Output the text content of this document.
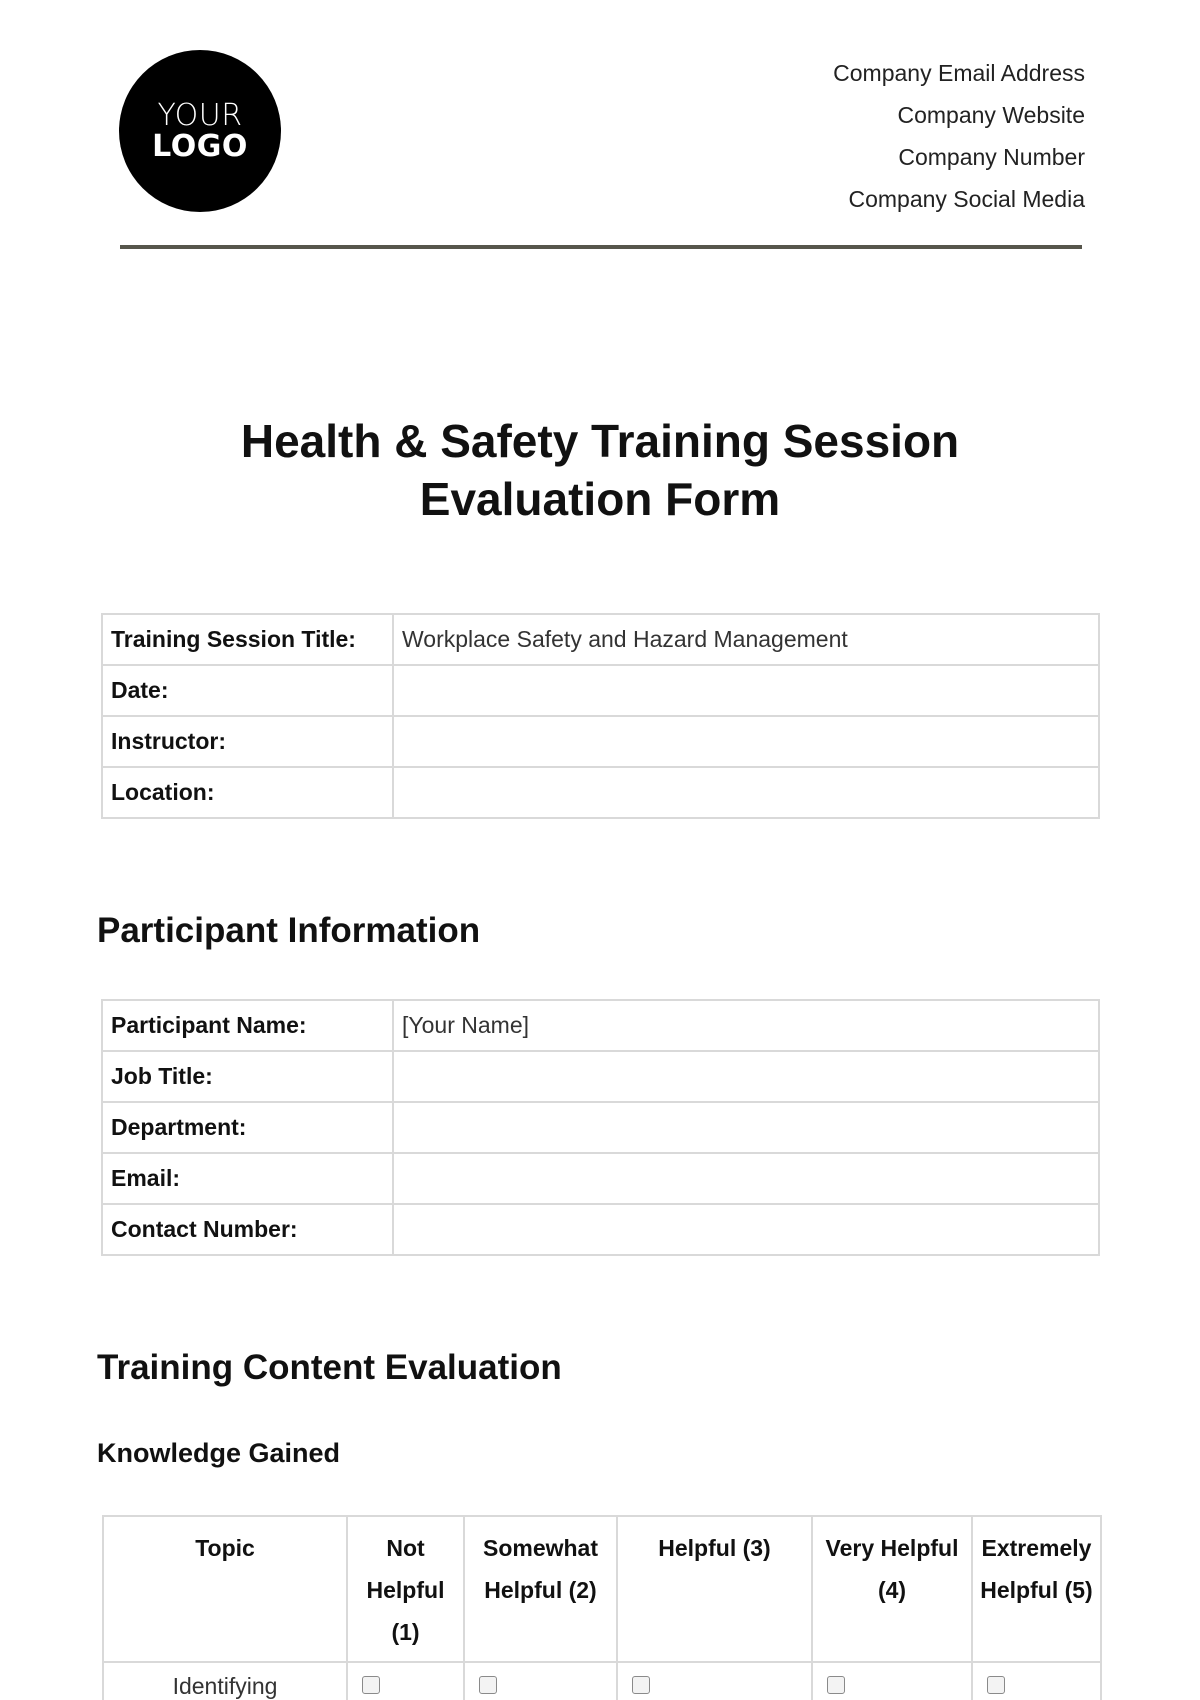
YOUR
LOGO
Company Email Address
Company Website
Company Number
Company Social Media
Health & Safety Training Session
Evaluation Form
Training Session Title:	Workplace Safety and Hazard Management
Date:	
Instructor:	
Location:	
Participant Information
Participant Name:	[Your Name]
Job Title:	
Department:	
Email:	
Contact Number:	
Training Content Evaluation
Knowledge Gained
Topic	Not Helpful (1)	Somewhat Helpful (2)	Helpful (3)	Very Helpful (4)	Extremely Helpful (5)
Identifying					
